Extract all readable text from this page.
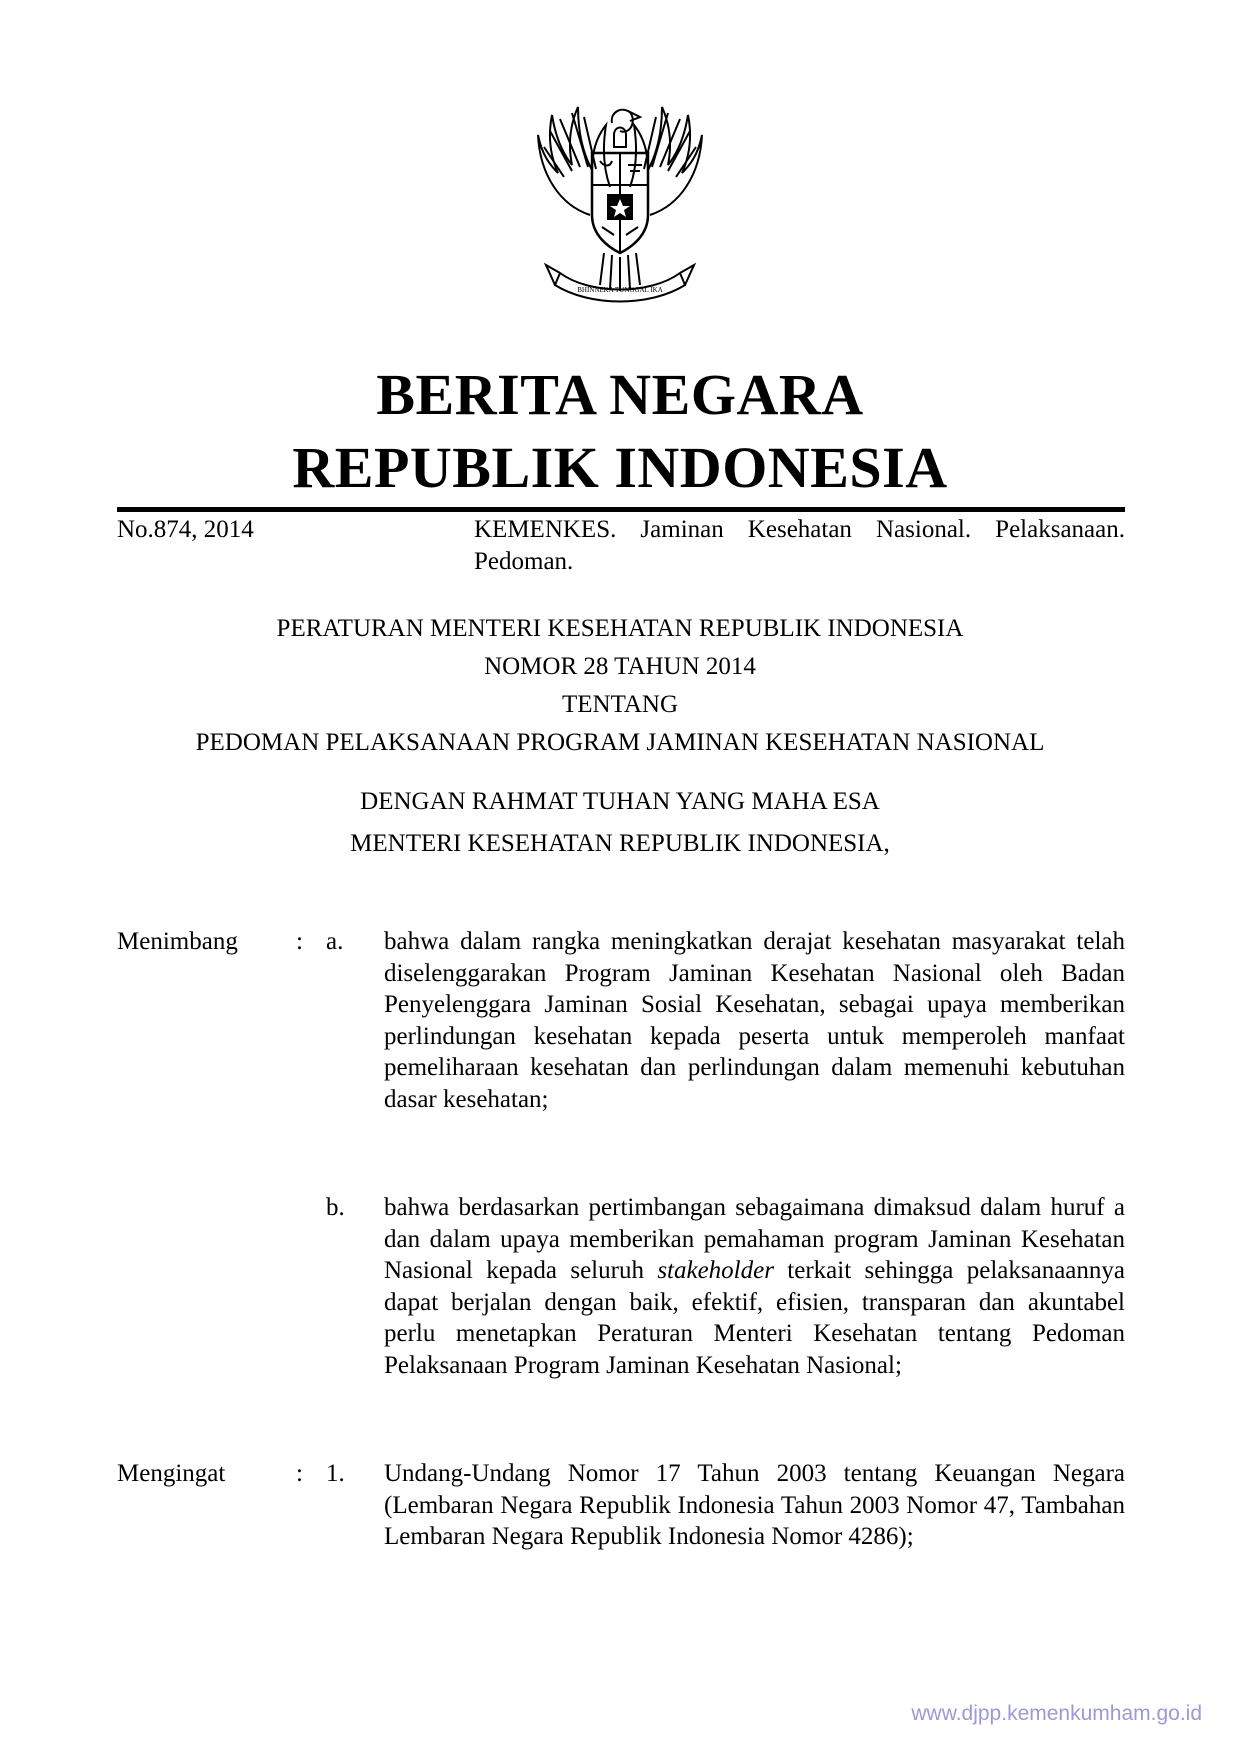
BHINNEKA TUNGGAL IKA
BERITA NEGARA
REPUBLIK INDONESIA
No.874, 2014	KEMENKES. Jaminan Kesehatan Nasional. Pelaksanaan. Pedoman.
PERATURAN MENTERI KESEHATAN REPUBLIK INDONESIA
NOMOR 28 TAHUN 2014
TENTANG
PEDOMAN PELAKSANAAN PROGRAM JAMINAN KESEHATAN NASIONAL
DENGAN RAHMAT TUHAN YANG MAHA ESA
MENTERI KESEHATAN REPUBLIK INDONESIA,
Menimbang : a. bahwa dalam rangka meningkatkan derajat kesehatan masyarakat telah diselenggarakan Program Jaminan Kesehatan Nasional oleh Badan Penyelenggara Jaminan Sosial Kesehatan, sebagai upaya memberikan perlindungan kesehatan kepada peserta untuk memperoleh manfaat pemeliharaan kesehatan dan perlindungan dalam memenuhi kebutuhan dasar kesehatan;
b. bahwa berdasarkan pertimbangan sebagaimana dimaksud dalam huruf a dan dalam upaya memberikan pemahaman program Jaminan Kesehatan Nasional kepada seluruh stakeholder terkait sehingga pelaksanaannya dapat berjalan dengan baik, efektif, efisien, transparan dan akuntabel perlu menetapkan Peraturan Menteri Kesehatan tentang Pedoman Pelaksanaan Program Jaminan Kesehatan Nasional;
Mengingat	: 1. Undang-Undang Nomor 17 Tahun 2003 tentang Keuangan Negara (Lembaran Negara Republik Indonesia Tahun 2003 Nomor 47, Tambahan Lembaran Negara Republik Indonesia Nomor 4286);
www.djpp.kemenkumham.go.id
